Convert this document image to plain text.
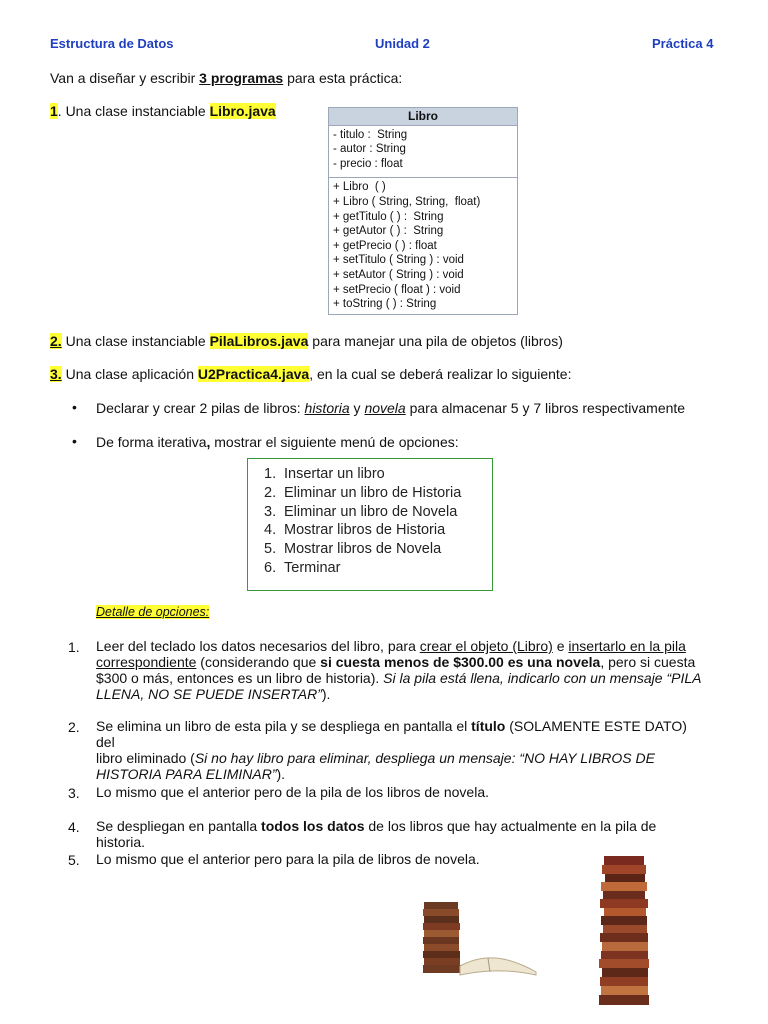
Estructura de Datos	Unidad 2	Práctica 4
Van a diseñar y escribir 3 programas para esta práctica:
1. Una clase instanciable Libro.java	Libro
- titulo :  String
- autor : String
- precio : float
+ Libro  ( )
+ Libro ( String, String,  float)
+ getTitulo ( ) :  String
+ getAutor ( ) :  String
+ getPrecio ( ) : float
+ setTitulo ( String ) : void
+ setAutor ( String ) : void
+ setPrecio ( float ) : void
+ toString ( ) : String
2. Una clase instanciable PilaLibros.java para manejar una pila de objetos (libros)
3. Una clase aplicación U2Practica4.java, en la cual se deberá realizar lo siguiente:
• Declarar y crear 2 pilas de libros: historia y novela para almacenar 5 y 7 libros respectivamente
• De forma iterativa, mostrar el siguiente menú de opciones:
1. Insertar un libro
2. Eliminar un libro de Historia
3. Eliminar un libro de Novela
4. Mostrar libros de Historia
5. Mostrar libros de Novela
6. Terminar
Detalle de opciones:
1. Leer del teclado los datos necesarios del libro, para crear el objeto (Libro) e insertarlo en la pila
correspondiente (considerando que si cuesta menos de $300.00 es una novela, pero si cuesta
$300 o más, entonces es un libro de historia). Si la pila está llena, indicarlo con un mensaje “PILA
LLENA, NO SE PUEDE INSERTAR”).
2. Se elimina un libro de esta pila y se despliega en pantalla el título (SOLAMENTE ESTE DATO) del
libro eliminado (Si no hay libro para eliminar, despliega un mensaje: “NO HAY LIBROS DE
HISTORIA PARA ELIMINAR”).
3. Lo mismo que el anterior pero de la pila de los libros de novela.
4. Se despliegan en pantalla todos los datos de los libros que hay actualmente en la pila de historia.
5. Lo mismo que el anterior pero para la pila de libros de novela.
